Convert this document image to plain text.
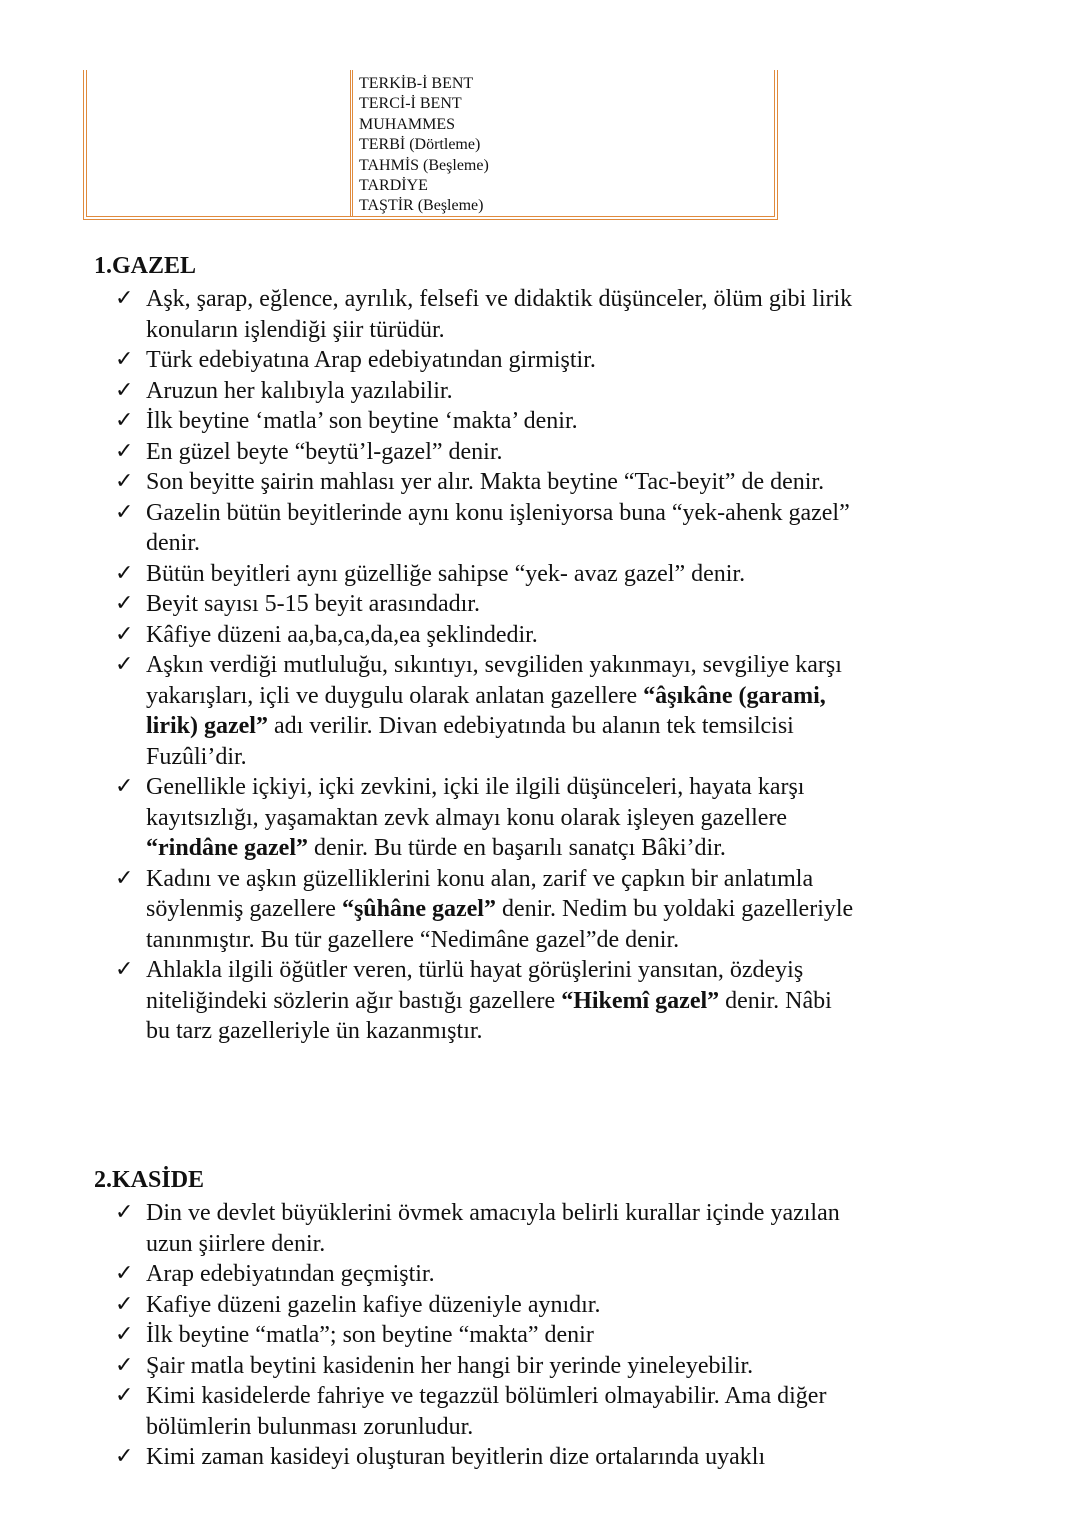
TERKİB-İ BENT
TERCİ-İ BENT
MUHAMMES
TERBİ (Dörtleme)
TAHMİS (Beşleme)
TARDİYE
TAŞTİR (Beşleme)
1.GAZEL
✓ Aşk, şarap, eğlence, ayrılık, felsefi ve didaktik düşünceler, ölüm gibi lirik konuların işlendiği şiir türüdür.
✓ Türk edebiyatına Arap edebiyatından girmiştir.
✓ Aruzun her kalıbıyla yazılabilir.
✓ İlk beytine ‘matla’ son beytine ‘makta’ denir.
✓ En güzel beyte “beytü’l-gazel” denir.
✓ Son beyitte şairin mahlası yer alır. Makta beytine “Tac-beyit” de denir.
✓ Gazelin bütün beyitlerinde aynı konu işleniyorsa buna “yek-ahenk gazel” denir.
✓ Bütün beyitleri aynı güzelliğe sahipse “yek- avaz gazel” denir.
✓ Beyit sayısı 5-15 beyit arasındadır.
✓ Kâfiye düzeni aa,ba,ca,da,ea şeklindedir.
✓ Aşkın verdiği mutluluğu, sıkıntıyı, sevgiliden yakınmayı, sevgiliye karşı yakarışları, içli ve duygulu olarak anlatan gazellere “âşıkâne (garami, lirik) gazel” adı verilir. Divan edebiyatında bu alanın tek temsilcisi Fuzûli’dir.
✓ Genellikle içkiyi, içki zevkini, içki ile ilgili düşünceleri, hayata karşı kayıtsızlığı, yaşamaktan zevk almayı konu olarak işleyen gazellere “rindâne gazel” denir. Bu türde en başarılı sanatçı Bâki’dir.
✓ Kadını ve aşkın güzelliklerini konu alan, zarif ve çapkın bir anlatımla söylenmiş gazellere “şûhâne gazel” denir. Nedim bu yoldaki gazelleriyle tanınmıştır. Bu tür gazellere “Nedimâne gazel”de denir.
✓ Ahlakla ilgili öğütler veren, türlü hayat görüşlerini yansıtan, özdeyiş niteliğindeki sözlerin ağır bastığı gazellere “Hikemî gazel” denir. Nâbi bu tarz gazelleriyle ün kazanmıştır.
2.KASİDE
✓ Din ve devlet büyüklerini övmek amacıyla belirli kurallar içinde yazılan uzun şiirlere denir.
✓ Arap edebiyatından geçmiştir.
✓ Kafiye düzeni gazelin kafiye düzeniyle aynıdır.
✓ İlk beytine “matla”; son beytine “makta” denir
✓ Şair matla beytini kasidenin her hangi bir yerinde yineleyebilir.
✓ Kimi kasidelerde fahriye ve tegazzül bölümleri olmayabilir. Ama diğer bölümlerin bulunması zorunludur.
✓ Kimi zaman kasideyi oluşturan beyitlerin dize ortalarında uyaklı
